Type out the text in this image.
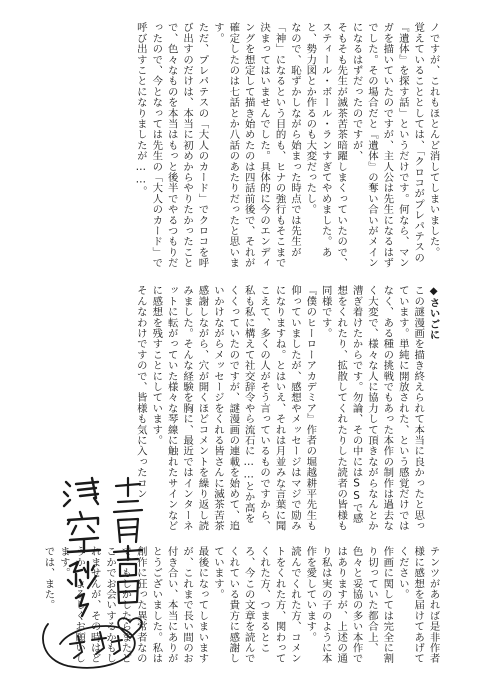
ノですが、これもほとんど消してしまいました。
覚えていることとしては、「クロコがプレパテスの『遺体』を探す話」というだけです。何なら、マンガを描いていたのですが、主人公は先生になるはずでした。その場合だと『遺体』の奪い合いがメインになるはずだったのですが、
そもそも先生が滅茶苦茶暗躍しまくっていたので、スティール・ボール・ランすぎてやめました。あと、勢力図とか作るのも大変だったし。
なので、恥ずかしながら始まった時点では先生が「神」になるという目的も、ヒナの強行もそこまで決まってはいませんでした。具体的に今のエンディングを想定して描き始めたのは四話前後で、それが確定したのは七話とか八話のあたりだったと思います。
ただ、プレパテスの「大人のカード」でクロコを呼び出すのだけは、本当に初めからやりたかったことで、色々なものを本当はもっと後半でやるつもりだったので、今となっては先生の「大人のカード」で呼び出すことになりましたが……。

◆さいごに
この謎漫画を描き終えられて本当に良かったと思っています。単純に開放された、という感覚だけではなく、ある種の挑戦でもあった本作の制作は過去なく大変で、様々な人に協力して頂きながらなんとか漕ぎ着けたからです。勿論、その中にはSSで感想をくれたり、拡散してくれたりした読者の皆様も同様です。
『僕のヒーローアカデミア』作者の堀越耕平先生も仰っていましたが、感想やメッセージはマジで励みになりますね。とはいえ、それは月並みな言葉に聞こえて、多くの人がそう言っているものですから、私も私に構えて社交辞令やら流石に……とか高をくくっていたのですが、謎漫画の連載を始めて、追いかけながらメッセージをくれる皆さんに滅茶苦茶感謝しながら、穴が開くほどコメントを繰り返し読みました。そんな経験を胸に、最近ではインターネットに転がっていた様々な琴線に触れたサインなどに感想を残すことにしています。
そんなわけですので、皆様も気に入ったコン

テンツがあれば是非作者様に感想を届けてあげてください。
作画に関しては完全に割り切っていた都合上、色々と妥協の多い本作ではありますが、上述の通り私は実の子のように本作を愛しています。
読んでくれた方、コメントをくれた方、関わってくれた方、つまるところ、今この文章を読んでくれている貴方に感謝しています。
最後になってしまいますが、これまで長い間のお付き合い、本当にありがとうございました。私は創作に狂った異常者なので、もしかしたらまたどこかでお会いするかもしれませんが、その時はどうか、よろしくお願いします。
では、また。
